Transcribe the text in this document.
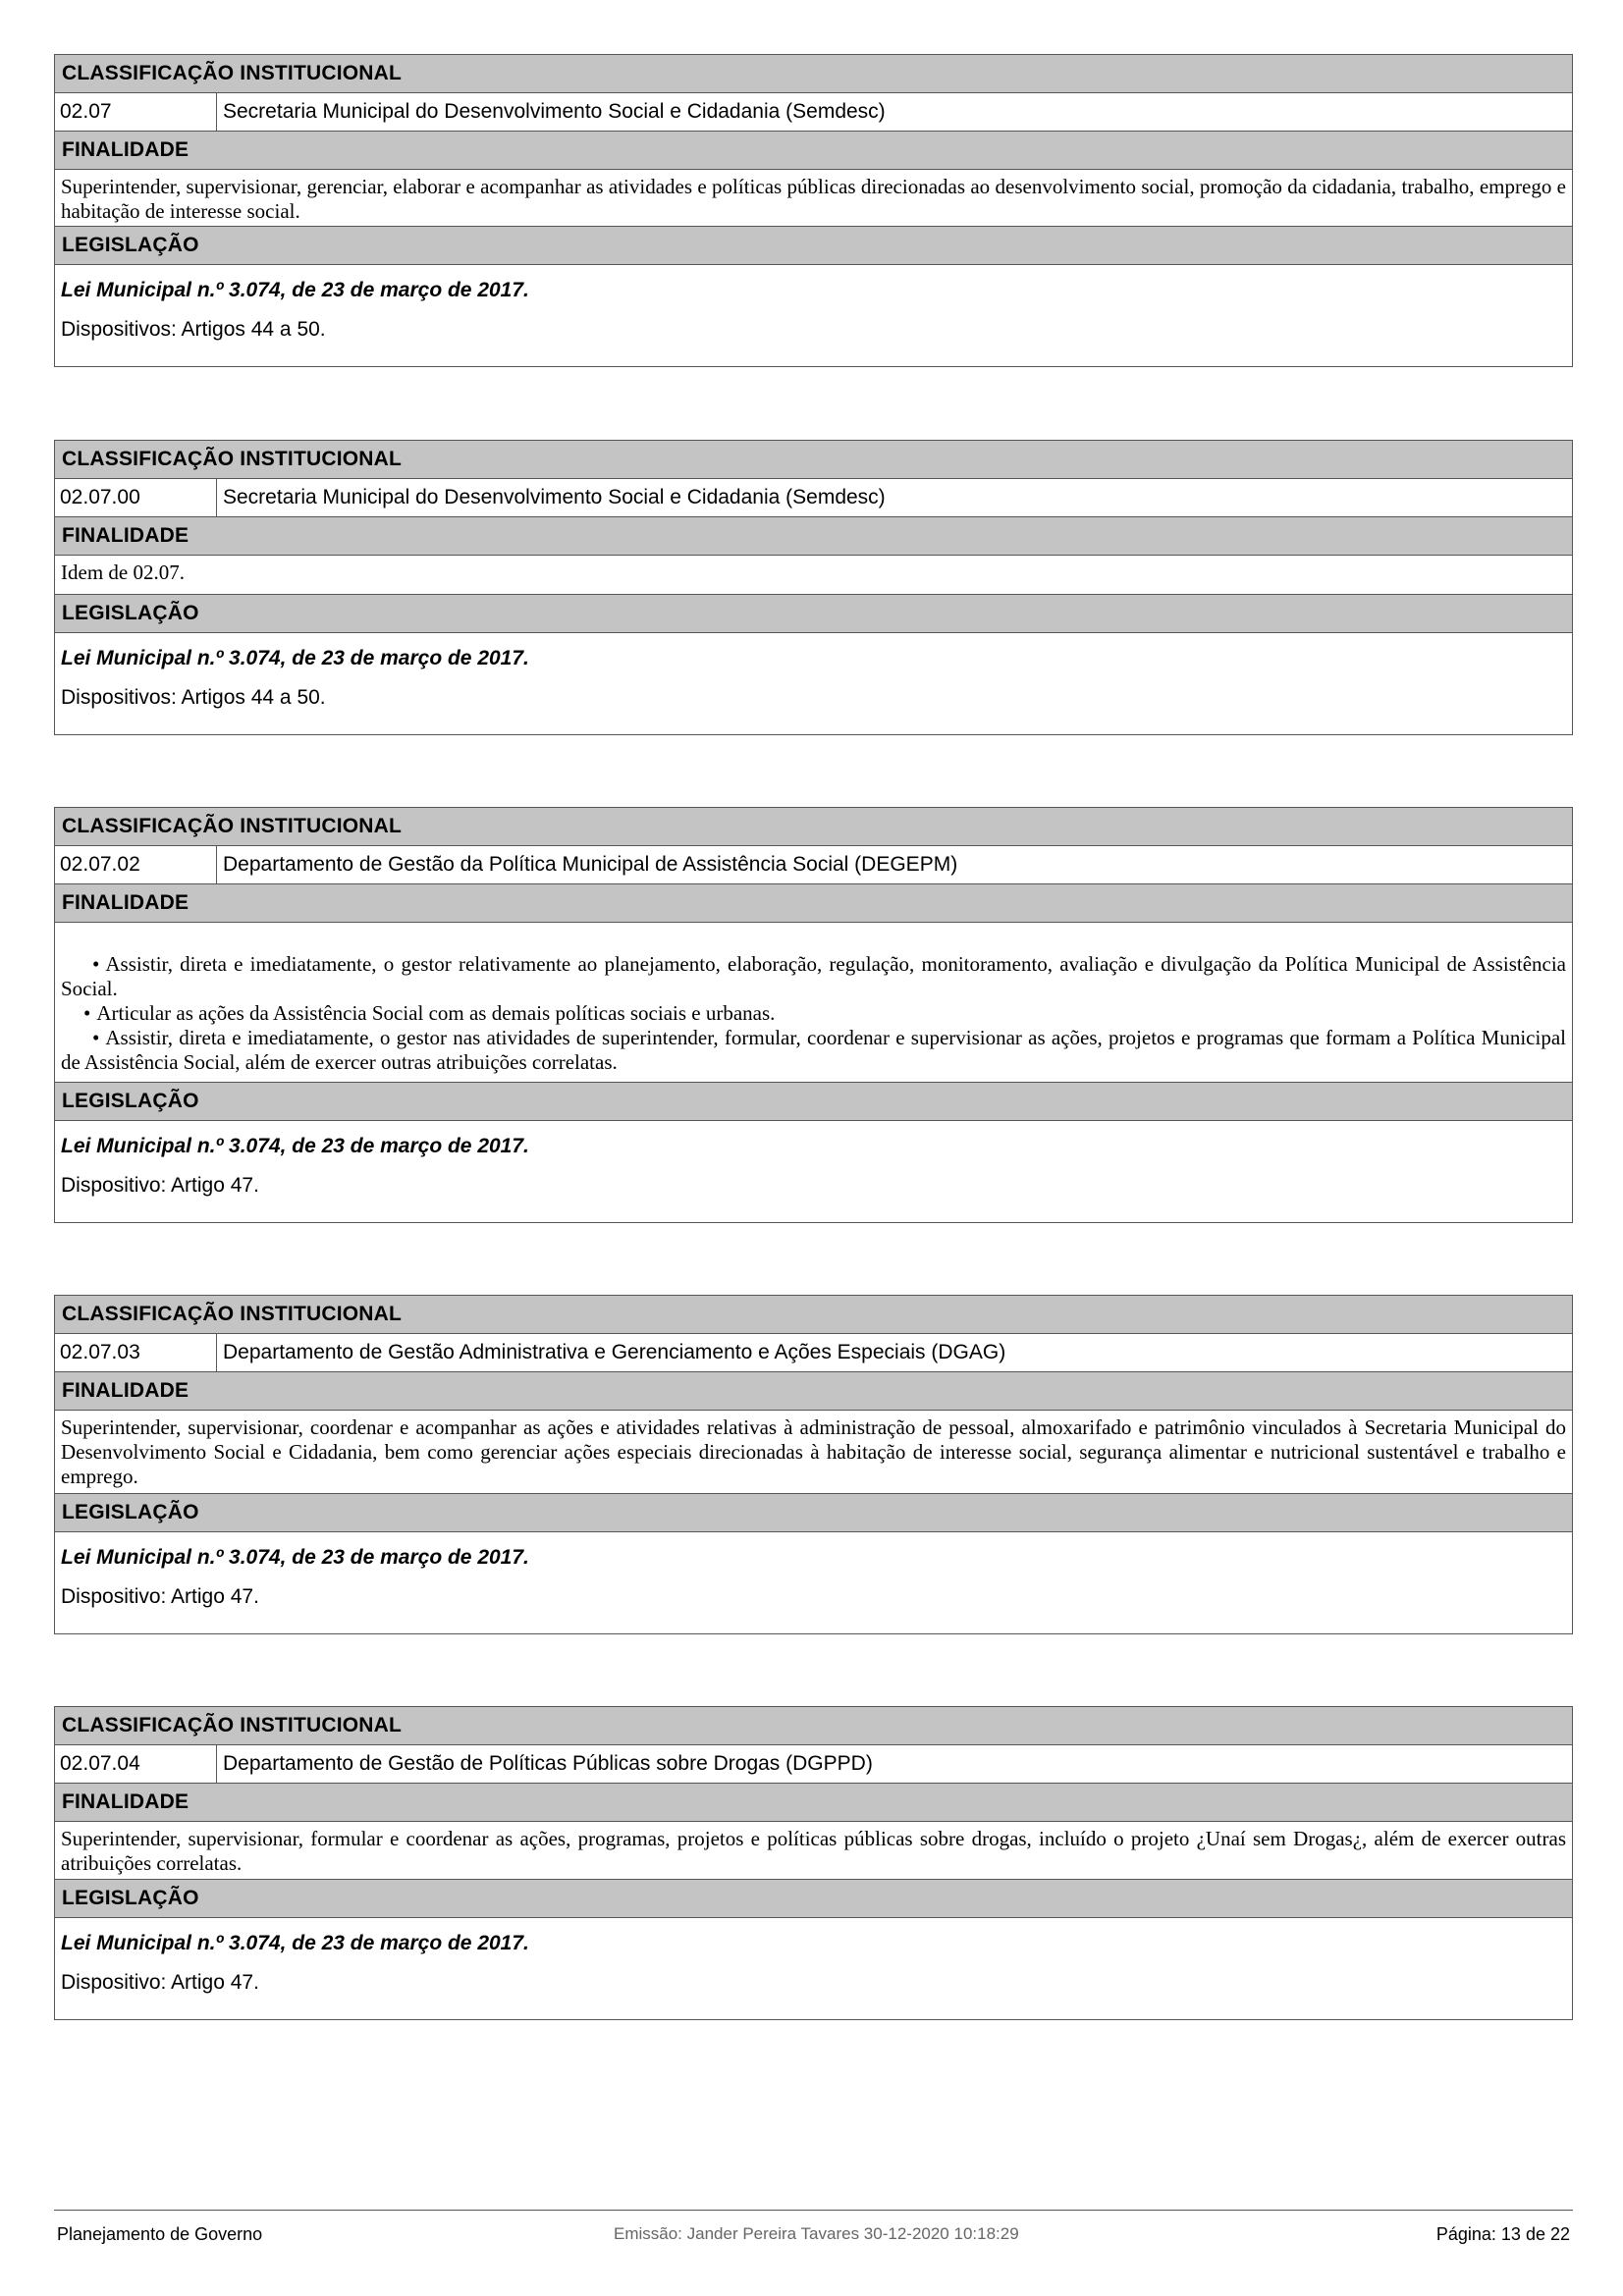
CLASSIFICAÇÃO INSTITUCIONAL
02.07	Secretaria Municipal do Desenvolvimento Social e Cidadania (Semdesc)
FINALIDADE
Superintender, supervisionar, gerenciar, elaborar e acompanhar as atividades e políticas públicas direcionadas ao desenvolvimento social, promoção da cidadania, trabalho, emprego e habitação de interesse social.
LEGISLAÇÃO
Lei Municipal n.º 3.074, de 23 de março de 2017.
Dispositivos: Artigos 44 a 50.
CLASSIFICAÇÃO INSTITUCIONAL
02.07.00	Secretaria Municipal do Desenvolvimento Social e Cidadania (Semdesc)
FINALIDADE
Idem de 02.07.
LEGISLAÇÃO
Lei Municipal n.º 3.074, de 23 de março de 2017.
Dispositivos: Artigos 44 a 50.
CLASSIFICAÇÃO INSTITUCIONAL
02.07.02	Departamento de Gestão da Política Municipal de Assistência Social (DEGEPM)
FINALIDADE
• Assistir, direta e imediatamente, o gestor relativamente ao planejamento, elaboração, regulação, monitoramento, avaliação e divulgação da Política Municipal de Assistência Social.
• Articular as ações da Assistência Social com as demais políticas sociais e urbanas.
• Assistir, direta e imediatamente, o gestor nas atividades de superintender, formular, coordenar e supervisionar as ações, projetos e programas que formam a Política Municipal de Assistência Social, além de exercer outras atribuições correlatas.
LEGISLAÇÃO
Lei Municipal n.º 3.074, de 23 de março de 2017.
Dispositivo: Artigo 47.
CLASSIFICAÇÃO INSTITUCIONAL
02.07.03	Departamento de Gestão Administrativa e Gerenciamento e Ações Especiais (DGAG)
FINALIDADE
Superintender, supervisionar, coordenar e acompanhar as ações e atividades relativas à administração de pessoal, almoxarifado e patrimônio vinculados à Secretaria Municipal do Desenvolvimento Social e Cidadania, bem como gerenciar ações especiais direcionadas à habitação de interesse social, segurança alimentar e nutricional sustentável e trabalho e emprego.
LEGISLAÇÃO
Lei Municipal n.º 3.074, de 23 de março de 2017.
Dispositivo: Artigo 47.
CLASSIFICAÇÃO INSTITUCIONAL
02.07.04	Departamento de Gestão de Políticas Públicas sobre Drogas (DGPPD)
FINALIDADE
Superintender, supervisionar, formular e coordenar as ações, programas, projetos e políticas públicas sobre drogas, incluído o projeto ¿Unaí sem Drogas¿, além de exercer outras atribuições correlatas.
LEGISLAÇÃO
Lei Municipal n.º 3.074, de 23 de março de 2017.
Dispositivo: Artigo 47.
Planejamento de Governo	Emissão: Jander Pereira Tavares 30-12-2020 10:18:29	Página: 13 de 22
